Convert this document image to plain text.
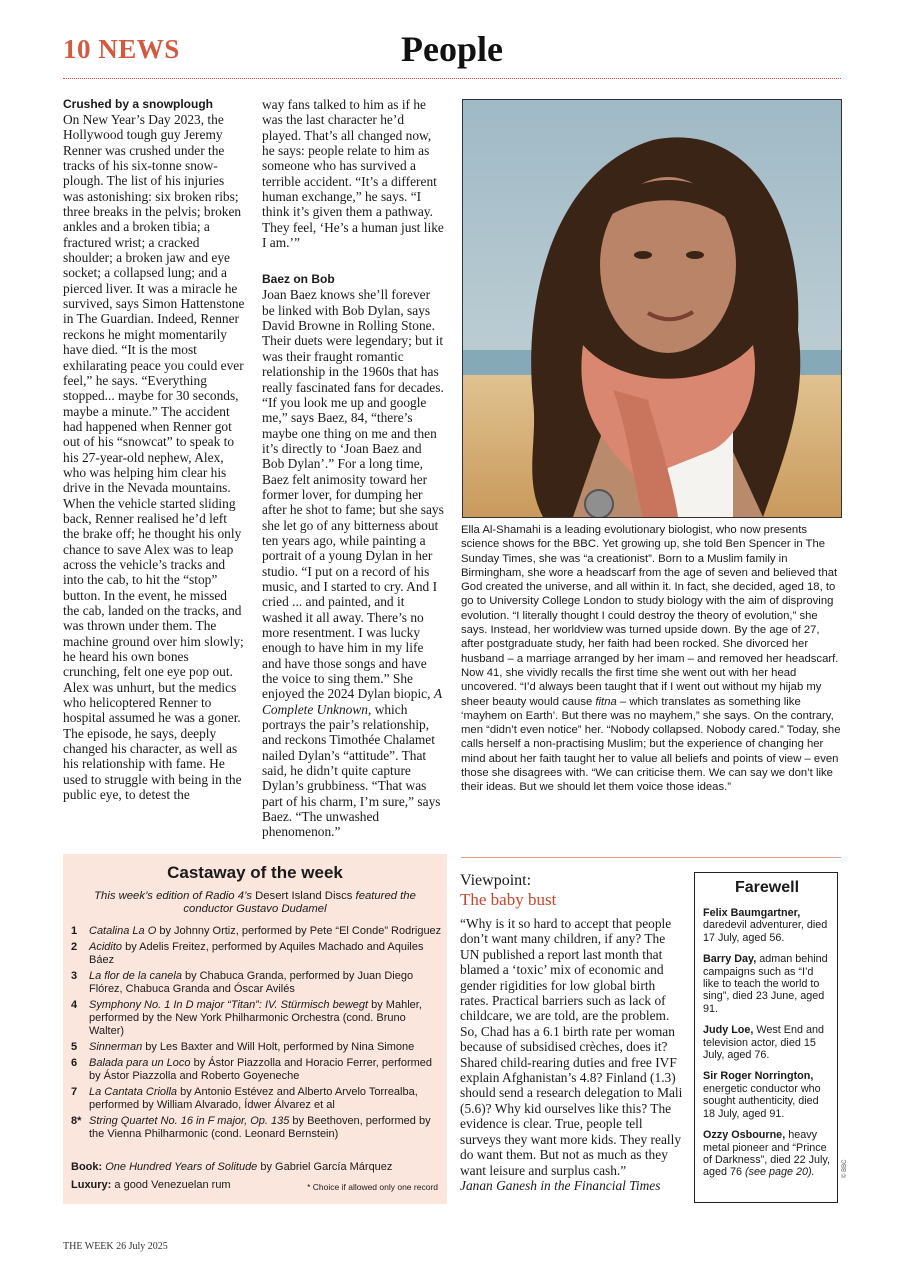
10 NEWS	People
Crushed by a snowplough

On New Year’s Day 2023, the Hollywood tough guy Jeremy Renner was crushed under the tracks of his six-tonne snow-plough. The list of his injuries was astonishing: six broken ribs; three breaks in the pelvis; broken ankles and a broken tibia; a fractured wrist; a cracked shoulder; a broken jaw and eye socket; a collapsed lung; and a pierced liver. It was a miracle he survived, says Simon Hattenstone in The Guardian. Indeed, Renner reckons he might momentarily have died. “It is the most exhilarating peace you could ever feel,” he says. “Everything stopped... maybe for 30 seconds, maybe a minute.” The accident had happened when Renner got out of his “snowcat” to speak to his 27-year-old nephew, Alex, who was helping him clear his drive in the Nevada mountains. When the vehicle started sliding back, Renner realised he’d left the brake off; he thought his only chance to save Alex was to leap across the vehicle’s tracks and into the cab, to hit the “stop” button. In the event, he missed the cab, landed on the tracks, and was thrown under them. The machine ground over him slowly; he heard his own bones crunching, felt one eye pop out. Alex was unhurt, but the medics who helicoptered Renner to hospital assumed he was a goner. The episode, he says, deeply changed his character, as well as his relationship with fame. He used to struggle with being in the public eye, to detest the

way fans talked to him as if he was the last character he’d played. That’s all changed now, he says: people relate to him as someone who has survived a terrible accident. “It’s a different human exchange,” he says. “I think it’s given them a pathway. They feel, ‘He’s a human just like I am.’”

Baez on Bob

Joan Baez knows she’ll forever be linked with Bob Dylan, says David Browne in Rolling Stone. Their duets were legendary; but it was their fraught romantic relationship in the 1960s that has really fascinated fans for decades. “If you look me up and google me,” says Baez, 84, “there’s maybe one thing on me and then it’s directly to ‘Joan Baez and Bob Dylan’.” For a long time, Baez felt animosity toward her former lover, for dumping her after he shot to fame; but she says she let go of any bitterness about ten years ago, while painting a portrait of a young Dylan in her studio. “I put on a record of his music, and I started to cry. And I cried ... and painted, and it washed it all away. There’s no more resentment. I was lucky enough to have him in my life and have those songs and have the voice to sing them.” She enjoyed the 2024 Dylan biopic, A Complete Unknown, which portrays the pair’s relationship, and reckons Timothée Chalamet nailed Dylan’s “attitude”. That said, he didn’t quite capture Dylan’s grubbiness. “That was part of his charm, I’m sure,” says Baez. “The unwashed phenomenon.”

Ella Al-Shamahi is a leading evolutionary biologist, who now presents science shows for the BBC. Yet growing up, she told Ben Spencer in The Sunday Times, she was “a creationist”. Born to a Muslim family in Birmingham, she wore a headscarf from the age of seven and believed that God created the universe, and all within it. In fact, she decided, aged 18, to go to University College London to study biology with the aim of disproving evolution. “I literally thought I could destroy the theory of evolution,” she says. Instead, her worldview was turned upside down. By the age of 27, after postgraduate study, her faith had been rocked. She divorced her husband – a marriage arranged by her imam – and removed her headscarf. Now 41, she vividly recalls the first time she went out with her head uncovered. “I’d always been taught that if I went out without my hijab my sheer beauty would cause fitna – which translates as something like ‘mayhem on Earth’. But there was no mayhem,” she says. On the contrary, men “didn’t even notice” her. “Nobody collapsed. Nobody cared.” Today, she calls herself a non-practising Muslim; but the experience of changing her mind about her faith taught her to value all beliefs and points of view – even those she disagrees with. “We can criticise them. We can say we don’t like their ideas. But we should let them voice those ideas.”
Castaway of the week
This week’s edition of Radio 4’s Desert Island Discs featured the conductor Gustavo Dudamel
1 Catalina La O by Johnny Ortiz, performed by Pete “El Conde” Rodriguez
2 Acidito by Adelis Freitez, performed by Aquiles Machado and Aquiles Báez
3 La flor de la canela by Chabuca Granda, performed by Juan Diego Flórez, Chabuca Granda and Óscar Avilés
4 Symphony No. 1 In D major “Titan”: IV. Stürmisch bewegt by Mahler, performed by the New York Philharmonic Orchestra (cond. Bruno Walter)
5 Sinnerman by Les Baxter and Will Holt, performed by Nina Simone
6 Balada para un Loco by Ástor Piazzolla and Horacio Ferrer, performed by Ástor Piazzolla and Roberto Goyeneche
7 La Cantata Criolla by Antonio Estévez and Alberto Arvelo Torrealba, performed by William Alvarado, Ídwer Álvarez et al
8* String Quartet No. 16 in F major, Op. 135 by Beethoven, performed by the Vienna Philharmonic (cond. Leonard Bernstein)
Book: One Hundred Years of Solitude by Gabriel García Márquez
Luxury: a good Venezuelan rum	* Choice if allowed only one record
Viewpoint:
The baby bust
“Why is it so hard to accept that people don’t want many children, if any? The UN published a report last month that blamed a ‘toxic’ mix of economic and gender rigidities for low global birth rates. Practical barriers such as lack of childcare, we are told, are the problem. So, Chad has a 6.1 birth rate per woman because of subsidised crèches, does it? Shared child-rearing duties and free IVF explain Afghanistan’s 4.8? Finland (1.3) should send a research delegation to Mali (5.6)? Why kid ourselves like this? The evidence is clear. True, people tell surveys they want more kids. They really do want them. But not as much as they want leisure and surplus cash.”
Janan Ganesh in the Financial Times
Farewell
Felix Baumgartner, daredevil adventurer, died 17 July, aged 56.
Barry Day, adman behind campaigns such as “I’d like to teach the world to sing”, died 23 June, aged 91.
Judy Loe, West End and television actor, died 15 July, aged 76.
Sir Roger Norrington, energetic conductor who sought authenticity, died 18 July, aged 91.
Ozzy Osbourne, heavy metal pioneer and “Prince of Darkness”, died 22 July, aged 76 (see page 20).	© BBC
THE WEEK 26 July 2025
